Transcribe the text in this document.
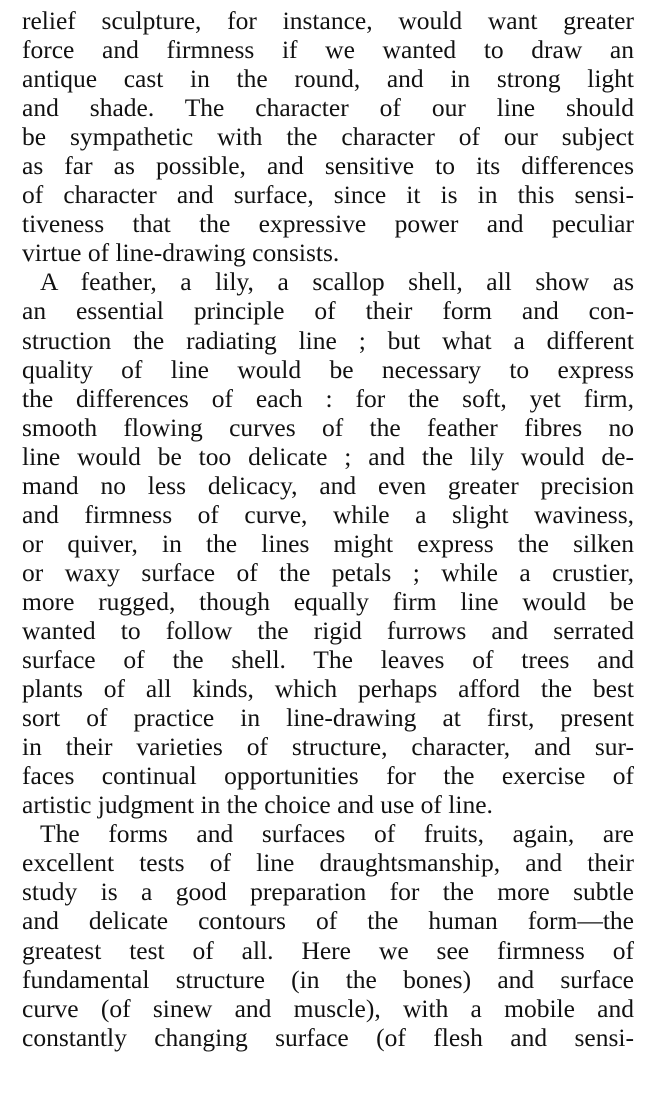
relief sculpture, for instance, would want greater
force and firmness if we wanted to draw an
antique cast in the round, and in strong light
and shade. The character of our line should
be sympathetic with the character of our subject
as far as possible, and sensitive to its differences
of character and surface, since it is in this sensi-
tiveness that the expressive power and peculiar
virtue of line-drawing consists.
A feather, a lily, a scallop shell, all show as
an essential principle of their form and con-
struction the radiating line ; but what a different
quality of line would be necessary to express
the differences of each : for the soft, yet firm,
smooth flowing curves of the feather fibres no
line would be too delicate ; and the lily would de-
mand no less delicacy, and even greater precision
and firmness of curve, while a slight waviness,
or quiver, in the lines might express the silken
or waxy surface of the petals ; while a crustier,
more rugged, though equally firm line would be
wanted to follow the rigid furrows and serrated
surface of the shell. The leaves of trees and
plants of all kinds, which perhaps afford the best
sort of practice in line-drawing at first, present
in their varieties of structure, character, and sur-
faces continual opportunities for the exercise of
artistic judgment in the choice and use of line.
The forms and surfaces of fruits, again, are
excellent tests of line draughtsmanship, and their
study is a good preparation for the more subtle
and delicate contours of the human form—the
greatest test of all. Here we see firmness of
fundamental structure (in the bones) and surface
curve (of sinew and muscle), with a mobile and
constantly changing surface (of flesh and sensi-
